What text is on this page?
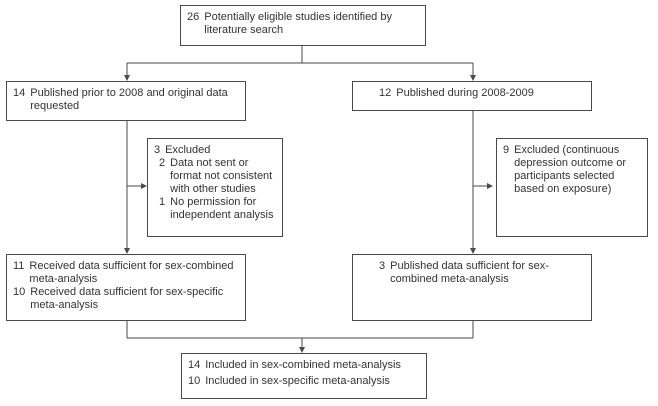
26 Potentially eligible studies identified by literature search
14 Published prior to 2008 and original data requested
12 Published during 2008-2009
3 Excluded
2 Data not sent or format not consistent with other studies
1 No permission for independent analysis
9 Excluded (continuous depression outcome or participants selected based on exposure)
11 Received data sufficient for sex-combined meta-analysis
10 Received data sufficient for sex-specific meta-analysis
3 Published data sufficient for sex-combined meta-analysis
14 Included in sex-combined meta-analysis
10 Included in sex-specific meta-analysis
